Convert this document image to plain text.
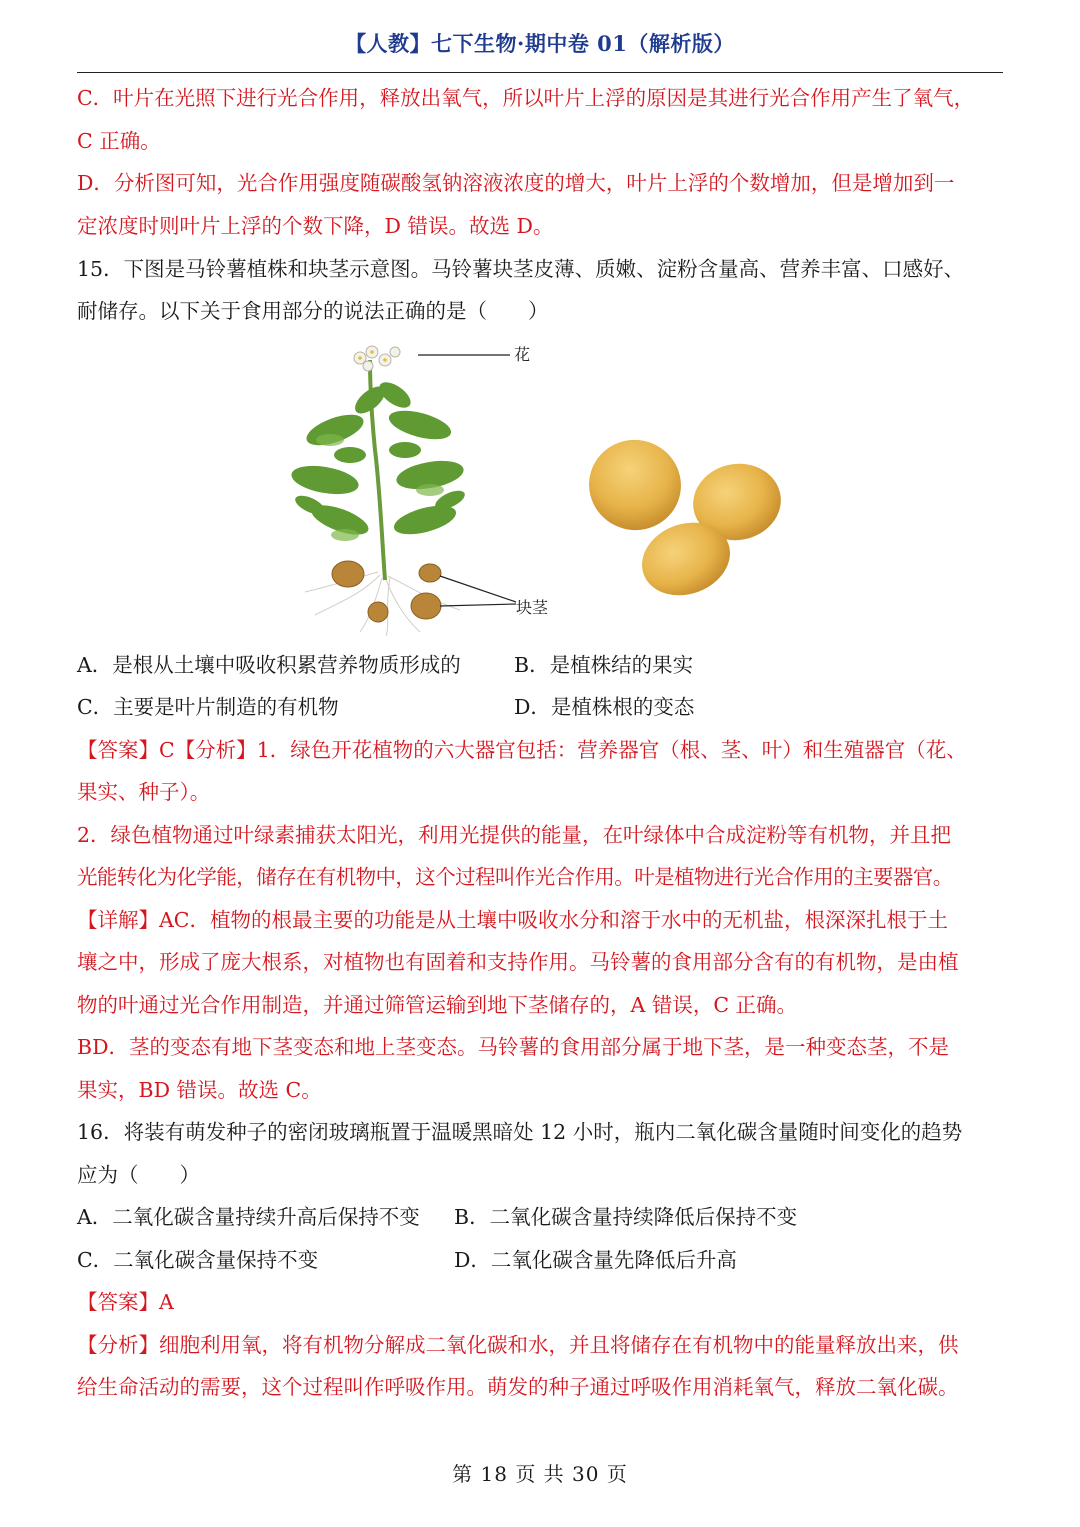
【人教】七下生物·期中卷 01（解析版）
C．叶片在光照下进行光合作用，释放出氧气，所以叶片上浮的原因是其进行光合作用产生了氧气，
C 正确。
D．分析图可知，光合作用强度随碳酸氢钠溶液浓度的增大，叶片上浮的个数增加，但是增加到一
定浓度时则叶片上浮的个数下降，D 错误。故选 D。
15．下图是马铃薯植株和块茎示意图。马铃薯块茎皮薄、质嫩、淀粉含量高、营养丰富、口感好、
耐储存。以下关于食用部分的说法正确的是（　　）
花
块茎
A．是根从土壤中吸收积累营养物质形成的	B．是植株结的果实
C．主要是叶片制造的有机物	D．是植株根的变态
【答案】C【分析】1．绿色开花植物的六大器官包括：营养器官（根、茎、叶）和生殖器官（花、
果实、种子）。
2．绿色植物通过叶绿素捕获太阳光，利用光提供的能量，在叶绿体中合成淀粉等有机物，并且把
光能转化为化学能，储存在有机物中，这个过程叫作光合作用。叶是植物进行光合作用的主要器官。
【详解】AC．植物的根最主要的功能是从土壤中吸收水分和溶于水中的无机盐，根深深扎根于土
壤之中，形成了庞大根系，对植物也有固着和支持作用。马铃薯的食用部分含有的有机物，是由植
物的叶通过光合作用制造，并通过筛管运输到地下茎储存的，A 错误，C 正确。
BD．茎的变态有地下茎变态和地上茎变态。马铃薯的食用部分属于地下茎，是一种变态茎，不是
果实，BD 错误。故选 C。
16．将装有萌发种子的密闭玻璃瓶置于温暖黑暗处 12 小时，瓶内二氧化碳含量随时间变化的趋势
应为（　　）
A．二氧化碳含量持续升高后保持不变 B．二氧化碳含量持续降低后保持不变
C．二氧化碳含量保持不变	D．二氧化碳含量先降低后升高
【答案】A
【分析】细胞利用氧，将有机物分解成二氧化碳和水，并且将储存在有机物中的能量释放出来，供
给生命活动的需要，这个过程叫作呼吸作用。萌发的种子通过呼吸作用消耗氧气，释放二氧化碳。
第 18 页 共 30 页
